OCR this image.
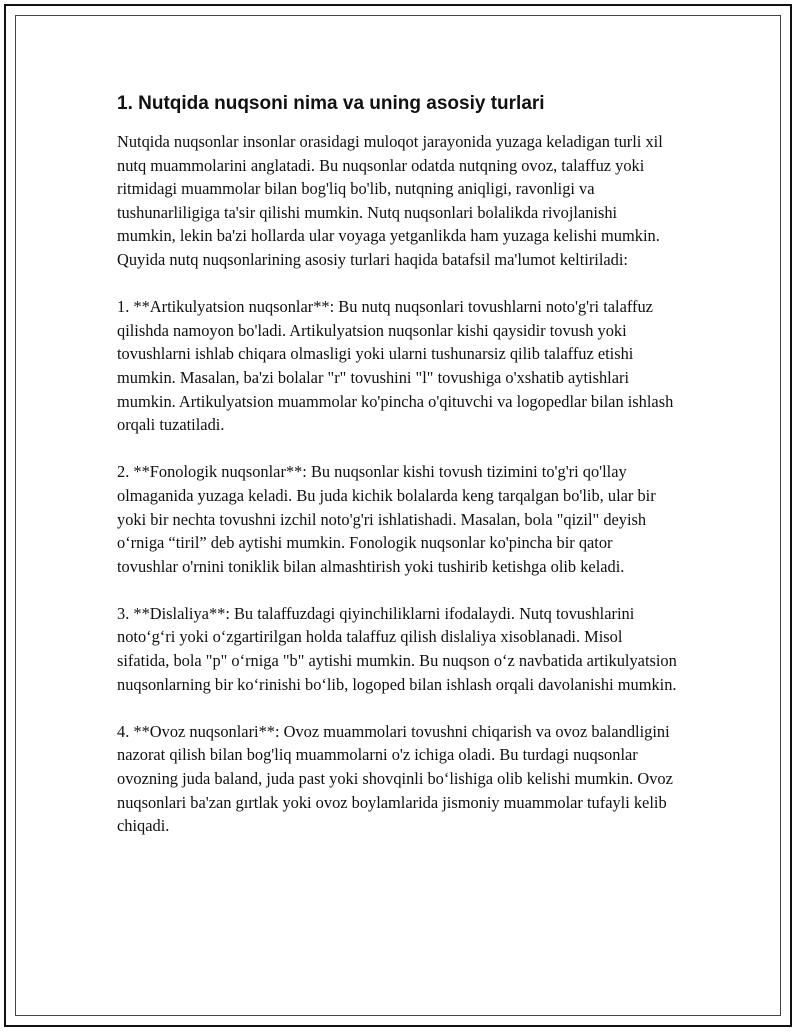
1. Nutqida nuqsoni nima va uning asosiy turlari

Nutqida nuqsonlar insonlar orasidagi muloqot jarayonida yuzaga keladigan turli xil nutq muammolarini anglatadi. Bu nuqsonlar odatda nutqning ovoz, talaffuz yoki ritmidagi muammolar bilan bog'liq bo'lib, nutqning aniqligi, ravonligi va tushunarliligiga ta'sir qilishi mumkin. Nutq nuqsonlari bolalikda rivojlanishi mumkin, lekin ba'zi hollarda ular voyaga yetganlikda ham yuzaga kelishi mumkin. Quyida nutq nuqsonlarining asosiy turlari haqida batafsil ma'lumot keltiriladi:

1. **Artikulyatsion nuqsonlar**: Bu nutq nuqsonlari tovushlarni noto'g'ri talaffuz qilishda namoyon bo'ladi. Artikulyatsion nuqsonlar kishi qaysidir tovush yoki tovushlarni ishlab chiqara olmasligi yoki ularni tushunarsiz qilib talaffuz etishi mumkin. Masalan, ba'zi bolalar "r" tovushini "l" tovushiga o'xshatib aytishlari mumkin. Artikulyatsion muammolar ko'pincha o'qituvchi va logopedlar bilan ishlash orqali tuzatiladi.

2. **Fonologik nuqsonlar**: Bu nuqsonlar kishi tovush tizimini to'g'ri qo'llay olmaganida yuzaga keladi. Bu juda kichik bolalarda keng tarqalgan bo'lib, ular bir yoki bir nechta tovushni izchil noto'g'ri ishlatishadi. Masalan, bola "qizil" deyish o‘rniga “tiril” deb aytishi mumkin. Fonologik nuqsonlar ko'pincha bir qator tovushlar o'rnini toniklik bilan almashtirish yoki tushirib ketishga olib keladi.

3. **Dislaliya**: Bu talaffuzdagi qiyinchiliklarni ifodalaydi. Nutq tovushlarini noto‘g‘ri yoki o‘zgartirilgan holda talaffuz qilish dislaliya xisoblanadi. Misol sifatida, bola "p" o‘rniga "b" aytishi mumkin. Bu nuqson o‘z navbatida artikulyatsion nuqsonlarning bir ko‘rinishi bo‘lib, logoped bilan ishlash orqali davolanishi mumkin.

4. **Ovoz nuqsonlari**: Ovoz muammolari tovushni chiqarish va ovoz balandligini nazorat qilish bilan bog'liq muammolarni o'z ichiga oladi. Bu turdagi nuqsonlar ovozning juda baland, juda past yoki shovqinli bo‘lishiga olib kelishi mumkin. Ovoz nuqsonlari ba'zan gırtlak yoki ovoz boylamlarida jismoniy muammolar tufayli kelib chiqadi.
